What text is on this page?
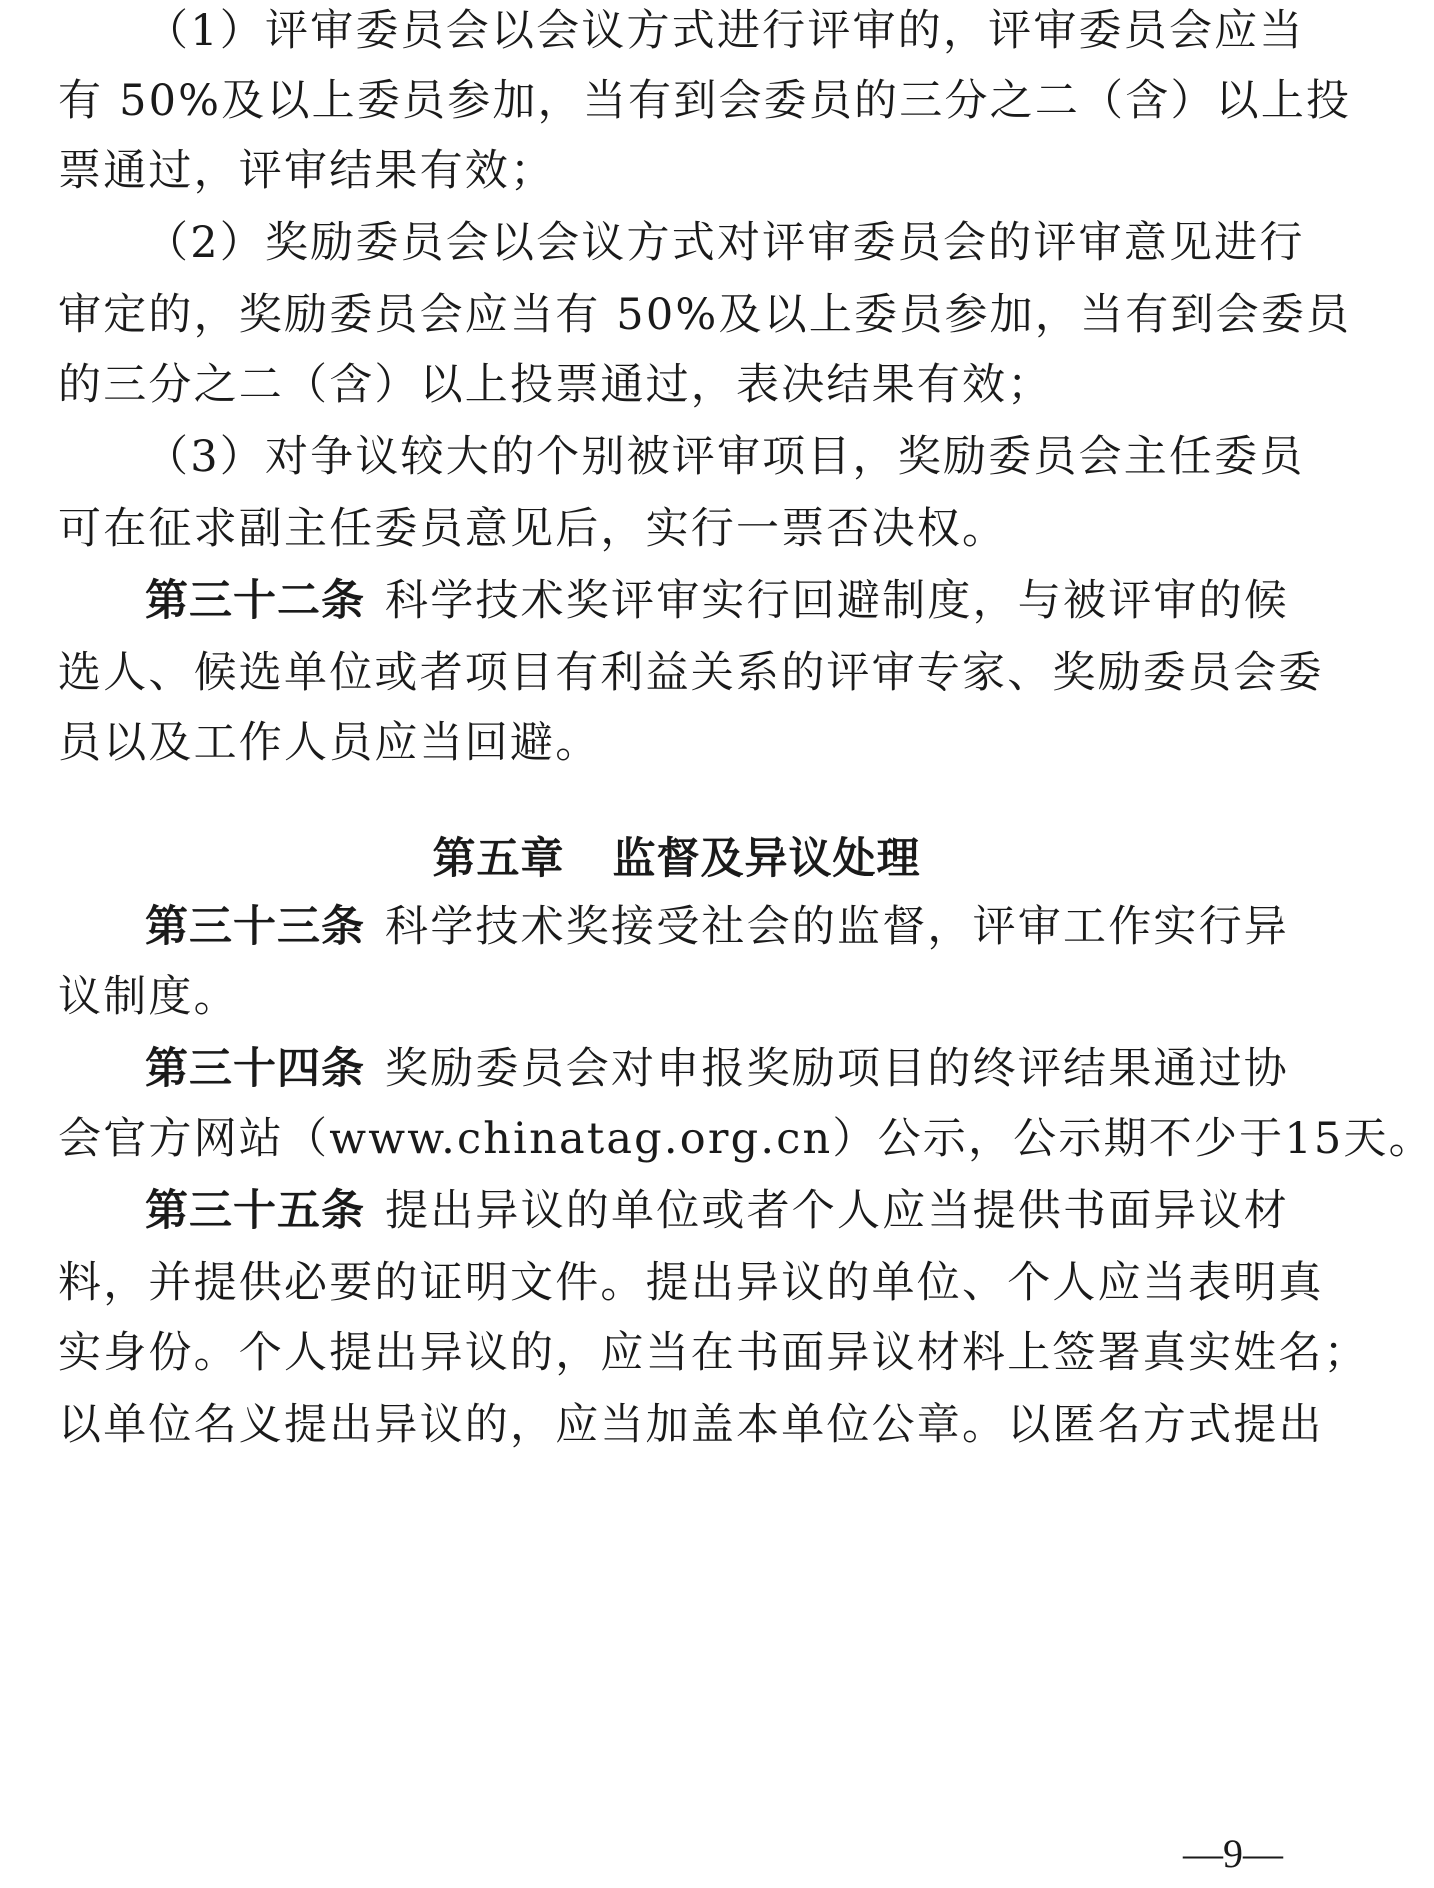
（1）评审委员会以会议方式进行评审的，评审委员会应当
有 50%及以上委员参加，当有到会委员的三分之二（含）以上投
票通过，评审结果有效；
（2）奖励委员会以会议方式对评审委员会的评审意见进行
审定的，奖励委员会应当有 50%及以上委员参加，当有到会委员
的三分之二（含）以上投票通过，表决结果有效；
（3）对争议较大的个别被评审项目，奖励委员会主任委员
可在征求副主任委员意见后，实行一票否决权。
第三十二条 科学技术奖评审实行回避制度，与被评审的候
选人、候选单位或者项目有利益关系的评审专家、奖励委员会委
员以及工作人员应当回避。
第五章 监督及异议处理
第三十三条 科学技术奖接受社会的监督，评审工作实行异
议制度。
第三十四条 奖励委员会对申报奖励项目的终评结果通过协
会官方网站（www.chinatag.org.cn）公示，公示期不少于15天。
第三十五条 提出异议的单位或者个人应当提供书面异议材
料，并提供必要的证明文件。提出异议的单位、个人应当表明真
实身份。个人提出异议的，应当在书面异议材料上签署真实姓名；
以单位名义提出异议的，应当加盖本单位公章。以匿名方式提出
—9—
